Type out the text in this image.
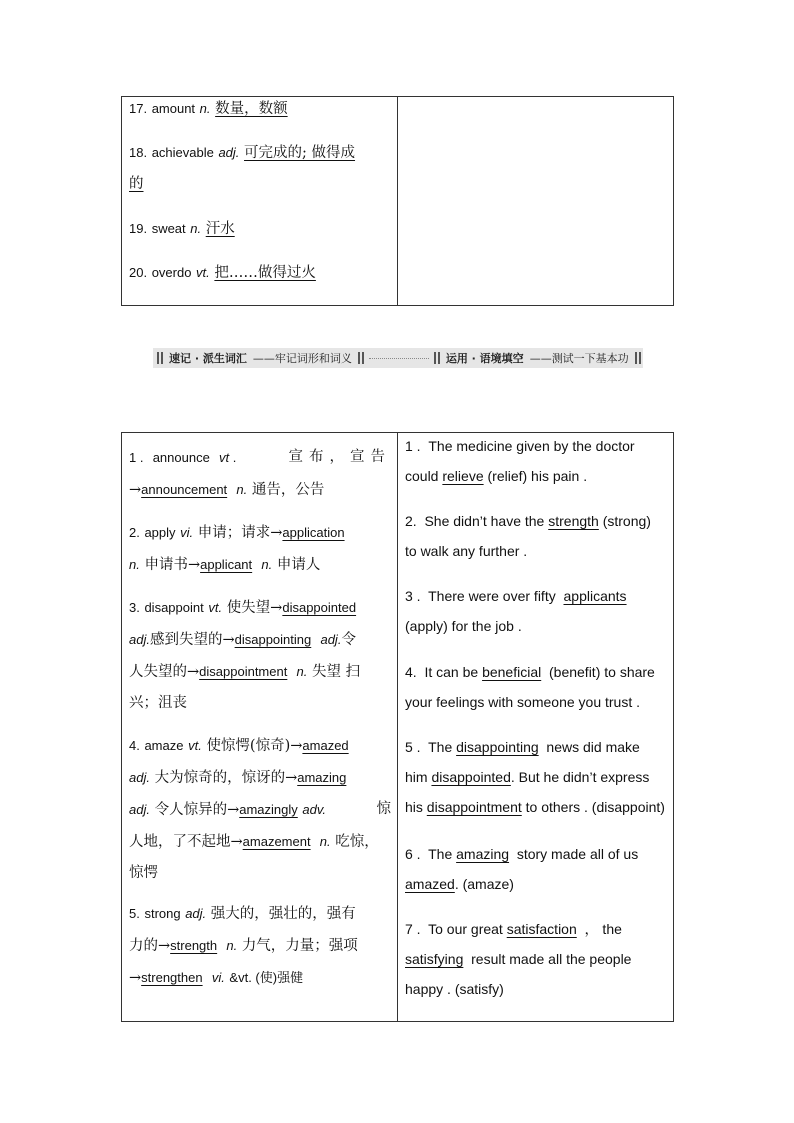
17. amount n. 数量，数额
18. achievable adj. 可完成的; 做得成
的
19. sweat n. 汗水
20. overdo vt. 把……做得过火
速记 · 派生词汇 ——牢记词形和词义	运用 · 语境填空 ——测试一下基本功
1 . announce vt .	宣布，宣告
→announcement n. 通告，公告
2. apply vi. 申请；请求→application
n. 申请书→applicant n. 申请人
3. disappoint vt. 使失望→disappointed
adj.感到失望的→disappointing adj.令
人失望的→disappointment n. 失望 扫
兴；沮丧
4. amaze vt. 使惊愕(惊奇)→amazed
adj. 大为惊奇的，惊讶的→amazing
adj. 令人惊异的→amazingly adv.	惊
人地，了不起地→amazement n. 吃惊，
惊愕
5. strong adj. 强大的，强壮的，强有
力的→strength n. 力气，力量；强项
→strengthen vi. &vt. (使)强健
1 . The medicine given by the doctor
could relieve (relief) his pain .
2. She didn’t have the strength (strong)
to walk any further .
3 . There were over fifty applicants
(apply) for the job .
4. It can be beneficial (benefit) to share
your feelings with someone you trust .
5 . The disappointing news did make
him disappointed. But he didn’t express
his disappointment to others . (disappoint)
6 . The amazing story made all of us
amazed. (amaze)
7 . To our great satisfaction ， the
satisfying result made all the people
happy . (satisfy)
